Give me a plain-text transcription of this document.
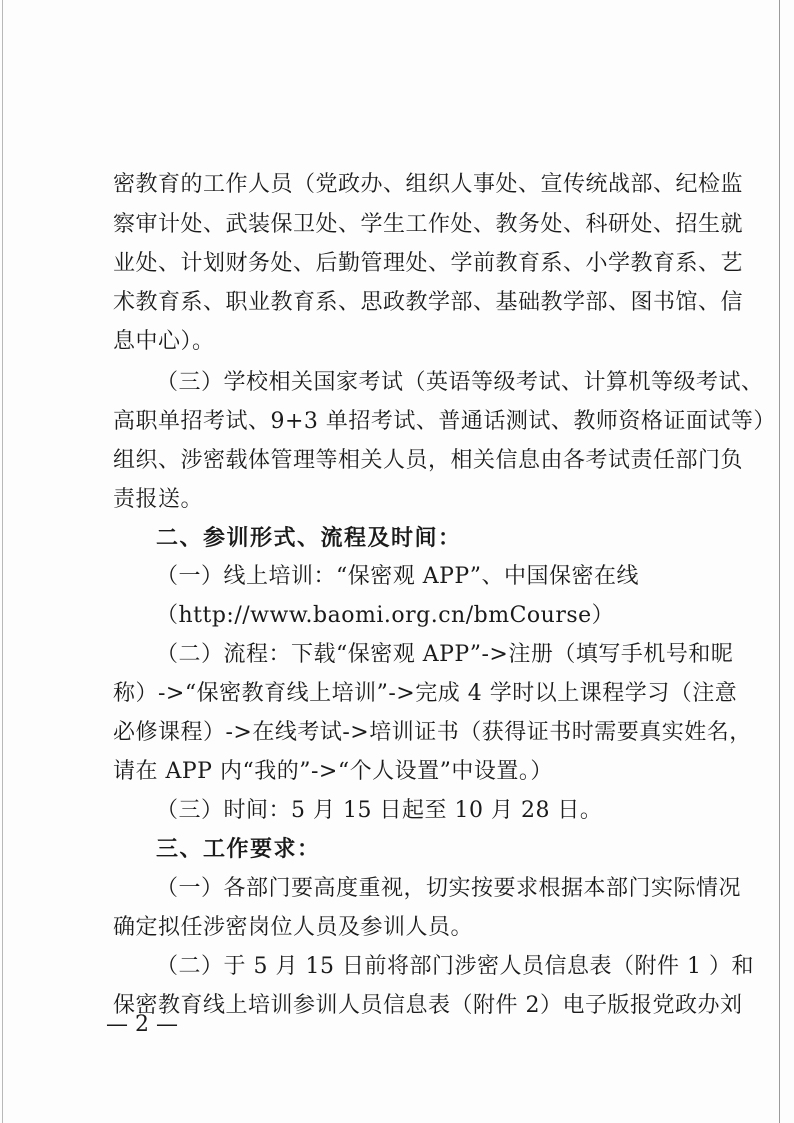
密教育的工作人员（党政办、组织人事处、宣传统战部、纪检监
察审计处、武装保卫处、学生工作处、教务处、科研处、招生就
业处、计划财务处、后勤管理处、学前教育系、小学教育系、艺
术教育系、职业教育系、思政教学部、基础教学部、图书馆、信
息中心）。
（三）学校相关国家考试（英语等级考试、计算机等级考试、
高职单招考试、9+3 单招考试、普通话测试、教师资格证面试等）
组织、涉密载体管理等相关人员，相关信息由各考试责任部门负
责报送。
二、参训形式、流程及时间：
（一）线上培训：“保密观 APP”、中国保密在线
（http://www.baomi.org.cn/bmCourse）
（二）流程：下载“保密观 APP”->注册（填写手机号和昵
称）->“保密教育线上培训”->完成 4 学时以上课程学习（注意
必修课程）->在线考试->培训证书（获得证书时需要真实姓名，
请在 APP 内“我的”->“个人设置”中设置。）
（三）时间：5 月 15 日起至 10 月 28 日。
三、工作要求：
（一）各部门要高度重视，切实按要求根据本部门实际情况
确定拟任涉密岗位人员及参训人员。
（二）于 5 月 15 日前将部门涉密人员信息表（附件 1 ）和
保密教育线上培训参训人员信息表（附件 2）电子版报党政办刘
— 2 —
